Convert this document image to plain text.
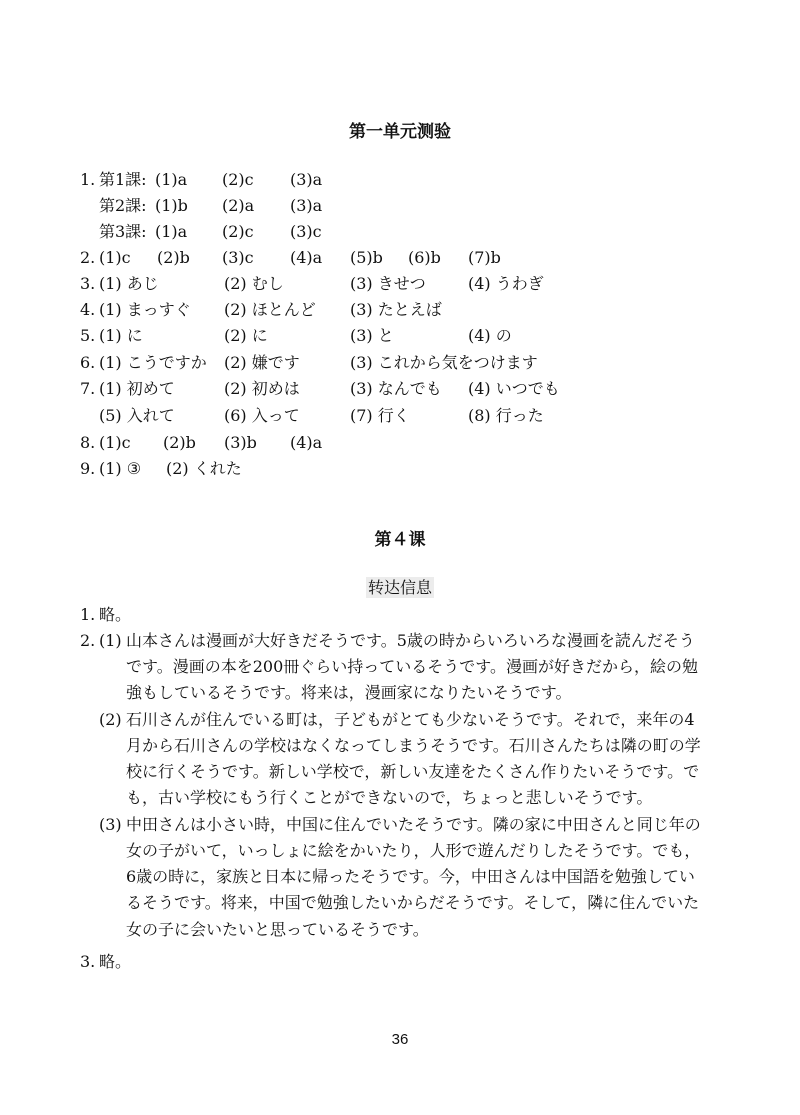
第一单元测验
1. 第1課: (1)a (2)c (3)a
第2課: (1)b (2)a (3)a
第3課: (1)a (2)c (3)c
2. (1)c (2)b (3)c (4)a (5)b (6)b (7)b
3. (1) あじ	(2) むし	(3) きせつ	(4) うわぎ
4. (1) まっすぐ (2) ほとんど (3) たとえば
5. (1) に	(2) に	(3) と	(4) の
6. (1) こうですか (2) 嫌です	(3) これから気をつけます
7. (1) 初めて	(2) 初めは	(3) なんでも (4) いつでも
(5) 入れて	(6) 入って	(7) 行く	(8) 行った
8. (1)c (2)b (3)b (4)a
9. (1) ③ (2) くれた
第４课
转达信息
1. 略。
2. (1) 山本さんは漫画が大好きだそうです。5歳の時からいろいろな漫画を読んだそう
です。漫画の本を200冊ぐらい持っているそうです。漫画が好きだから，絵の勉
強もしているそうです。将来は，漫画家になりたいそうです。
(2) 石川さんが住んでいる町は，子どもがとても少ないそうです。それで，来年の4
月から石川さんの学校はなくなってしまうそうです。石川さんたちは隣の町の学
校に行くそうです。新しい学校で，新しい友達をたくさん作りたいそうです。で
も，古い学校にもう行くことができないので，ちょっと悲しいそうです。
(3) 中田さんは小さい時，中国に住んでいたそうです。隣の家に中田さんと同じ年の
女の子がいて，いっしょに絵をかいたり，人形で遊んだりしたそうです。でも，
6歳の時に，家族と日本に帰ったそうです。今，中田さんは中国語を勉強してい
るそうです。将来，中国で勉強したいからだそうです。そして，隣に住んでいた
女の子に会いたいと思っているそうです。
3. 略。
36
